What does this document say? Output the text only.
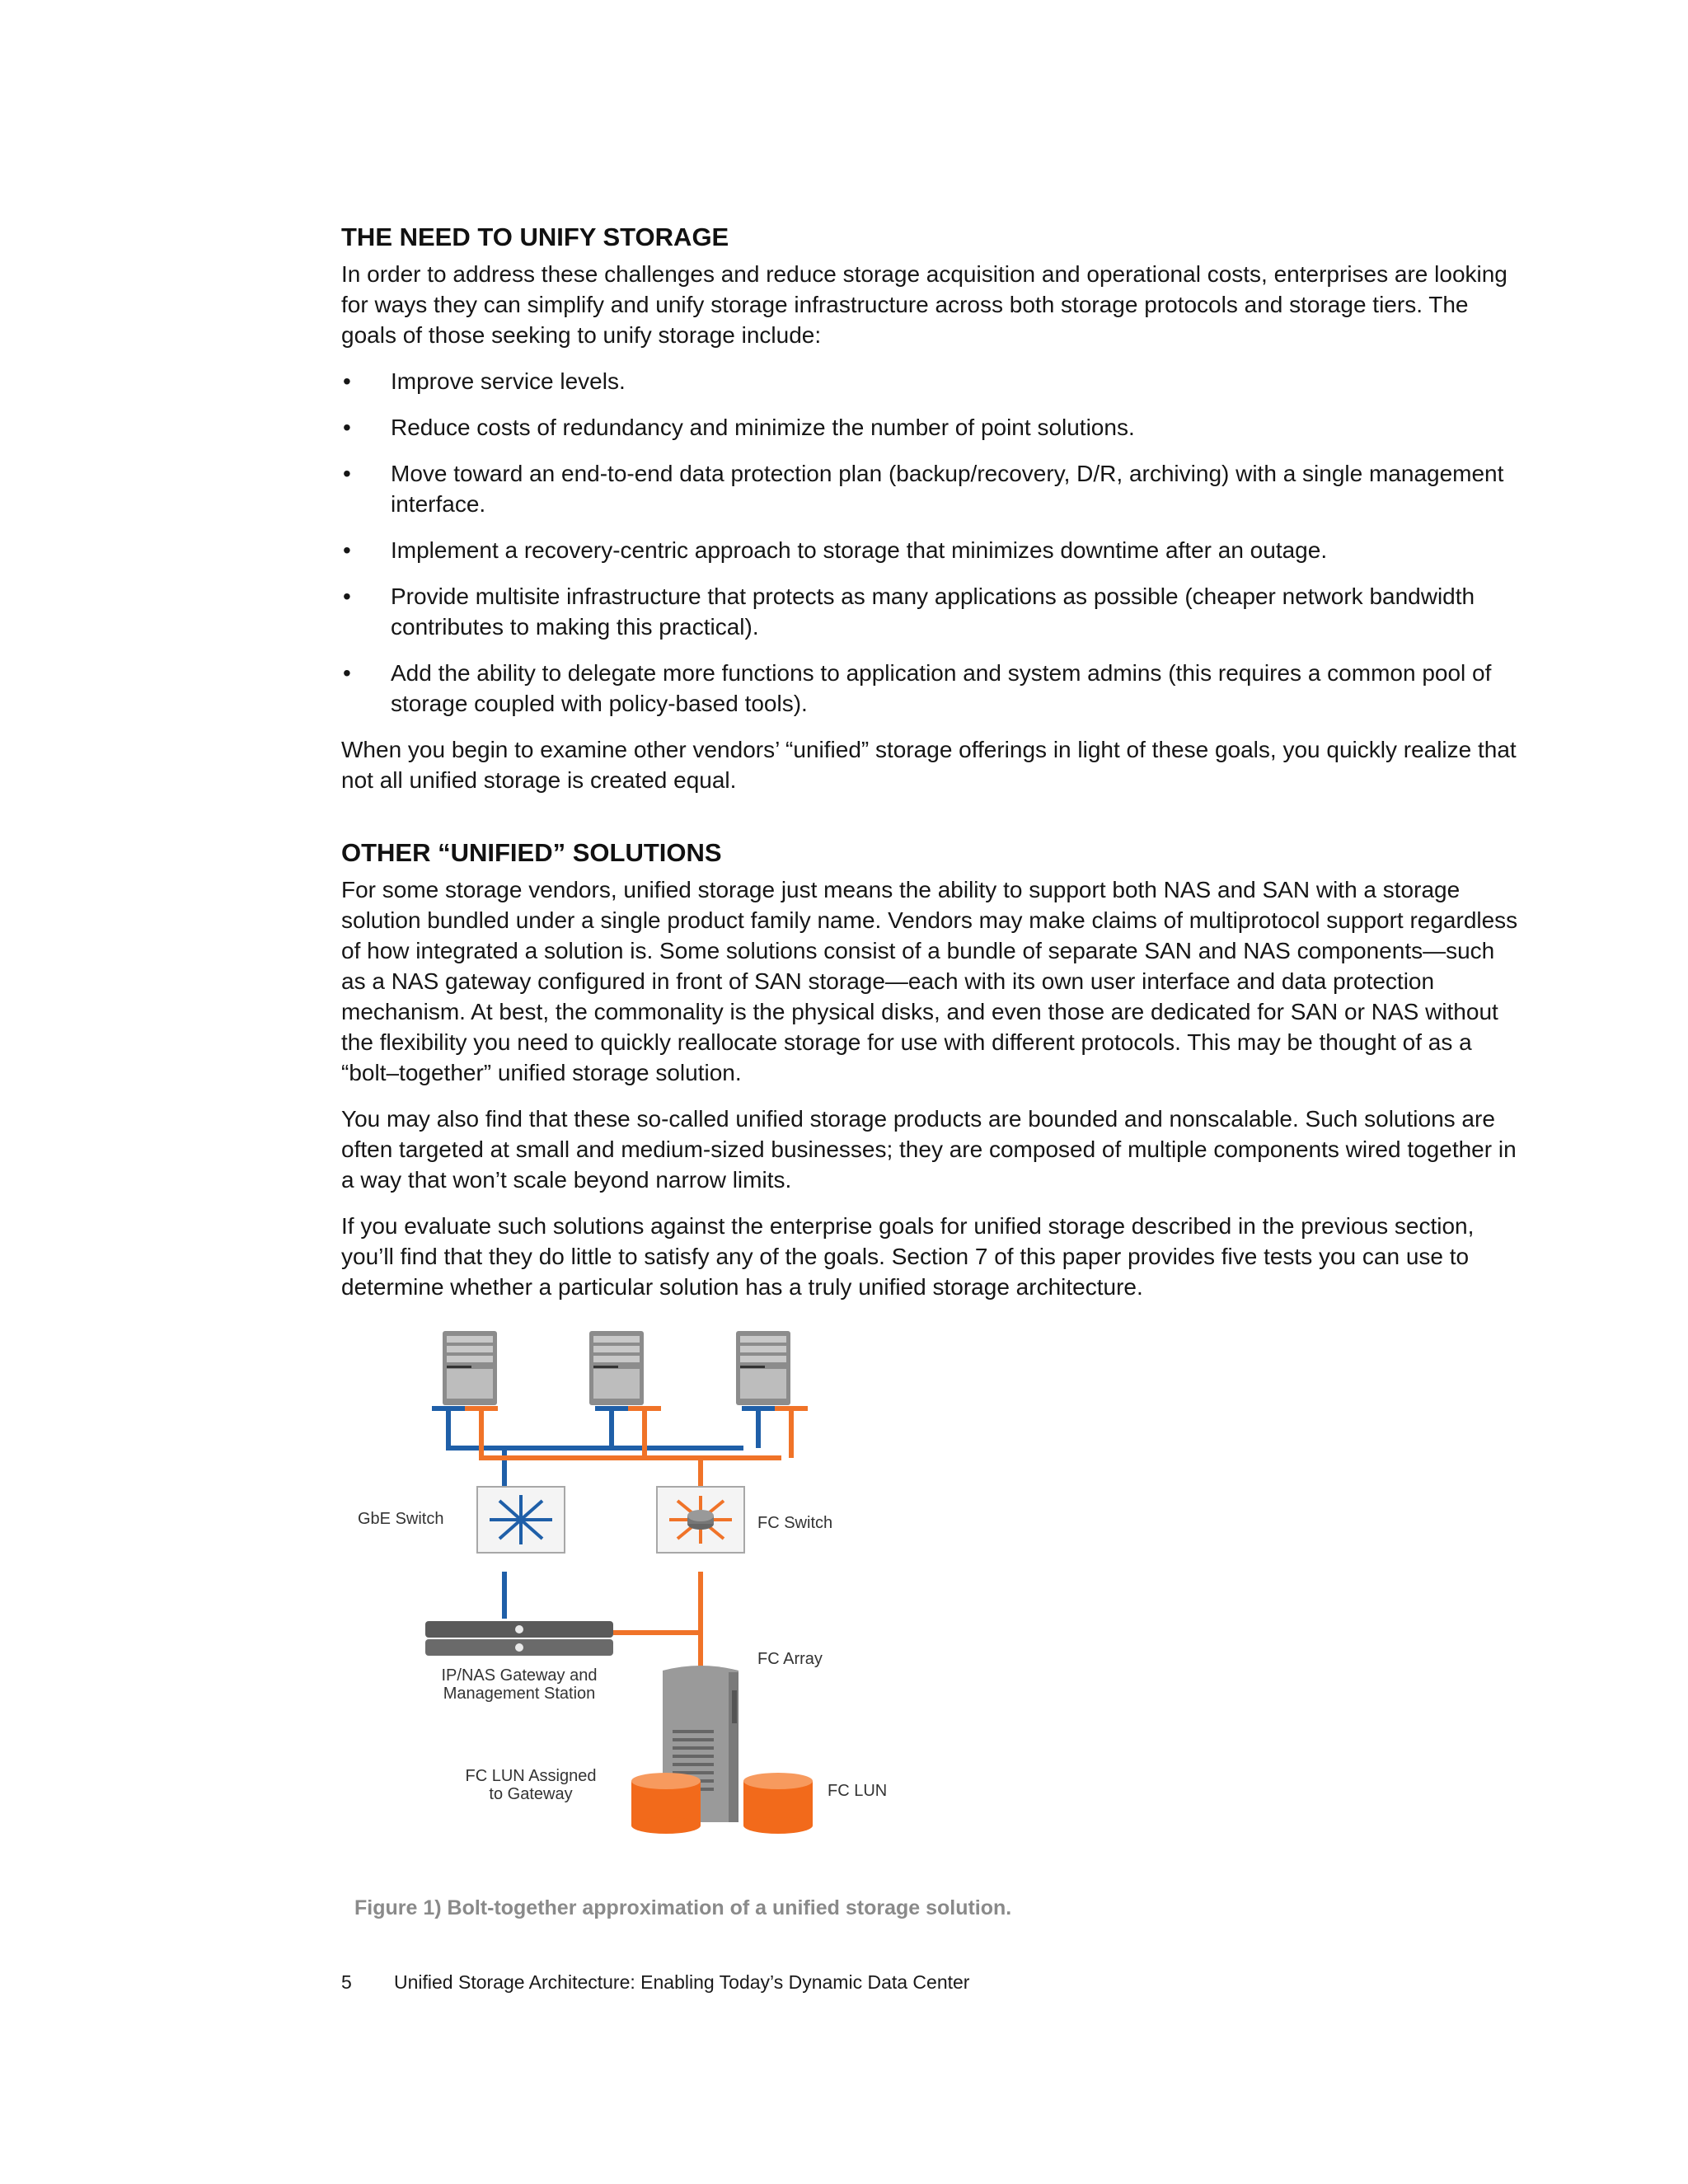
THE NEED TO UNIFY STORAGE

In order to address these challenges and reduce storage acquisition and operational costs, enterprises are looking for ways they can simplify and unify storage infrastructure across both storage protocols and storage tiers. The goals of those seeking to unify storage include:

• Improve service levels.
• Reduce costs of redundancy and minimize the number of point solutions.
• Move toward an end-to-end data protection plan (backup/recovery, D/R, archiving) with a single management interface.
• Implement a recovery-centric approach to storage that minimizes downtime after an outage.
• Provide multisite infrastructure that protects as many applications as possible (cheaper network bandwidth contributes to making this practical).
• Add the ability to delegate more functions to application and system admins (this requires a common pool of storage coupled with policy-based tools).

When you begin to examine other vendors’ “unified” storage offerings in light of these goals, you quickly realize that not all unified storage is created equal.

OTHER “UNIFIED” SOLUTIONS

For some storage vendors, unified storage just means the ability to support both NAS and SAN with a storage solution bundled under a single product family name. Vendors may make claims of multiprotocol support regardless of how integrated a solution is. Some solutions consist of a bundle of separate SAN and NAS components—such as a NAS gateway configured in front of SAN storage—each with its own user interface and data protection mechanism. At best, the commonality is the physical disks, and even those are dedicated for SAN or NAS without the flexibility you need to quickly reallocate storage for use with different protocols. This may be thought of as a “bolt–together” unified storage solution.

You may also find that these so-called unified storage products are bounded and nonscalable. Such solutions are often targeted at small and medium-sized businesses; they are composed of multiple components wired together in a way that won’t scale beyond narrow limits.

If you evaluate such solutions against the enterprise goals for unified storage described in the previous section, you’ll find that they do little to satisfy any of the goals. Section 7 of this paper provides five tests you can use to determine whether a particular solution has a truly unified storage architecture.

GbE Switch	FC Switch
FC Array
IP/NAS Gateway and
Management Station
FC LUN Assigned
to Gateway	FC LUN
Figure 1) Bolt-together approximation of a unified storage solution.
5 Unified Storage Architecture: Enabling Today’s Dynamic Data Center
